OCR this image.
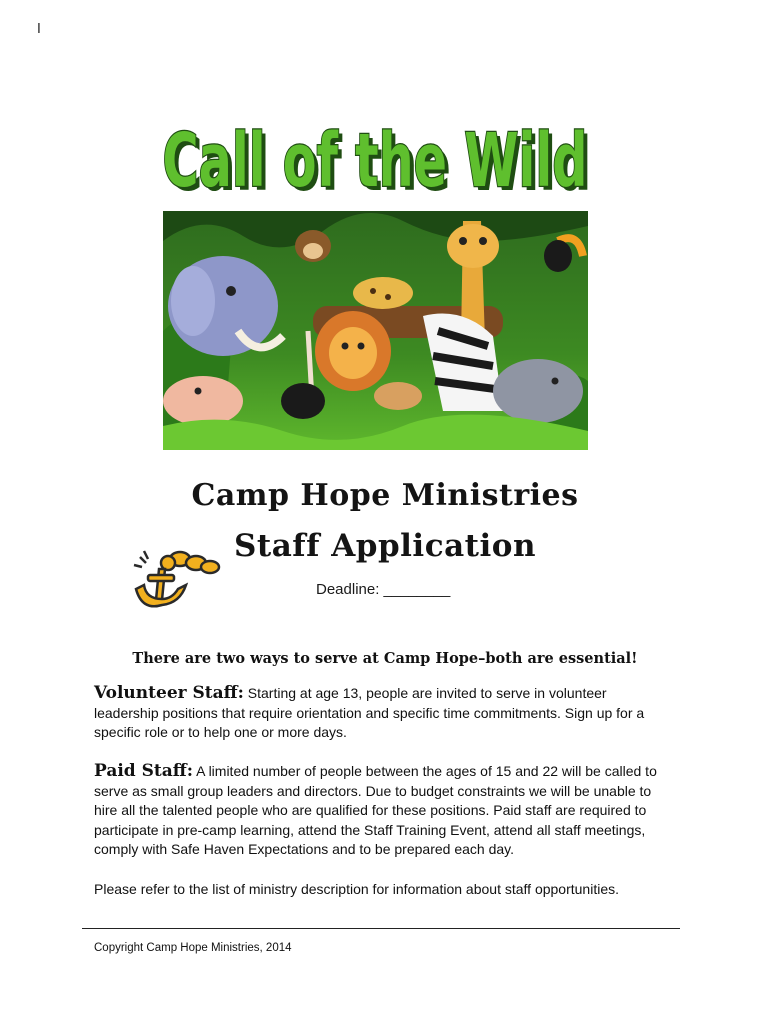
I
Call of the Wild
Call of the Wild
Camp Hope Ministries
Staff Application
Deadline: ________
There are two ways to serve at Camp Hope–both are essential!
Volunteer Staff: Starting at age 13, people are invited to serve in volunteer leadership positions that require orientation and specific time commitments. Sign up for a specific role or to help one or more days.
Paid Staff: A limited number of people between the ages of 15 and 22 will be called to serve as small group leaders and directors. Due to budget constraints we will be unable to hire all the talented people who are qualified for these positions. Paid staff are required to participate in pre-camp learning, attend the Staff Training Event, attend all staff meetings, comply with Safe Haven Expectations and to be prepared each day.
Please refer to the list of ministry description for information about staff opportunities.
Copyright Camp Hope Ministries, 2014
